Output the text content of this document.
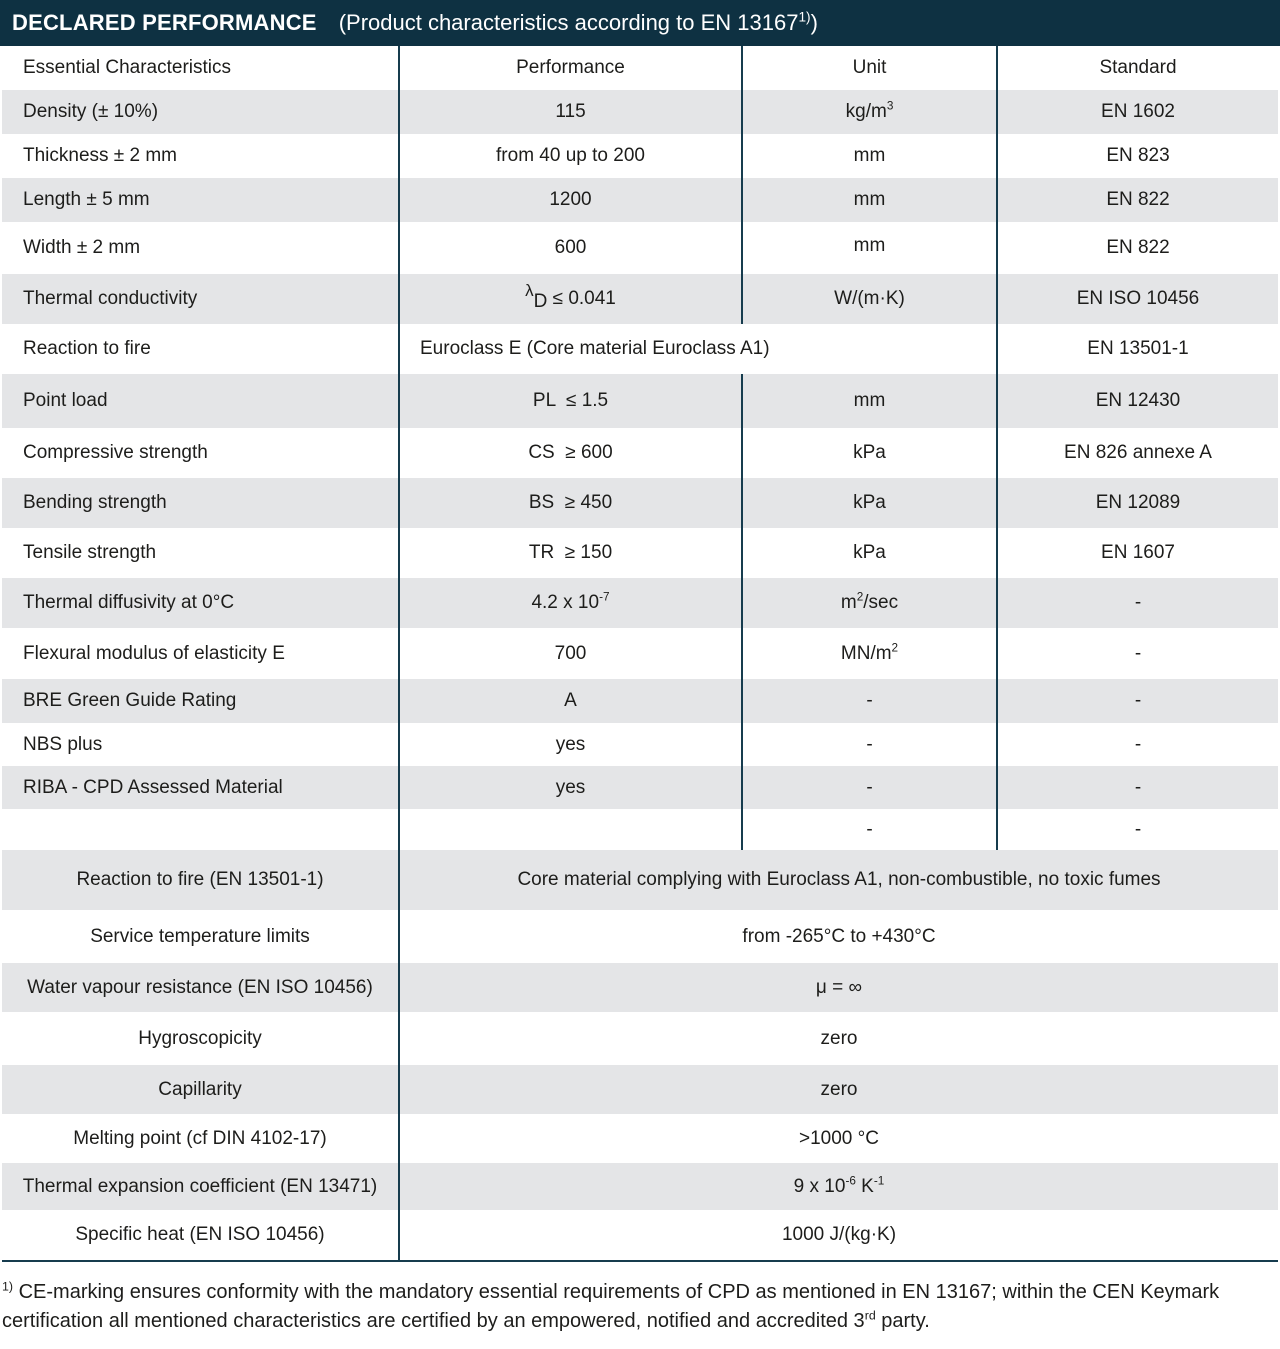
DECLARED PERFORMANCE (Product characteristics according to EN 13167$^{1)}$)
Essential Characteristics	Performance	Unit	Standard
Density (± 10%)	115	$kg/m^3$	EN 1602
Thickness ± 2 mm	from 40 up to 200	mm	EN 823
Length ± 5 mm	1200	mm	EN 822
Width ± 2 mm	600	mm	EN 822
Thermal conductivity	λD ≤ 0.041	W/(m·K)	EN ISO 10456
Reaction to fire	Euroclass E (Core material Euroclass A1)		EN 13501-1
Point load	PL  ≤ 1.5	mm	EN 12430
Compressive strength	CS  ≥ 600	kPa	EN 826 annexe A
Bending strength	BS  ≥ 450	kPa	EN 12089
Tensile strength	TR  ≥ 150	kPa	EN 1607
Thermal diffusivity at 0°C	4.2 x $10^{-7}$	$m^2/\sec$	-
Flexural modulus of elasticity E	700	$MN/m^2$	-
BRE Green Guide Rating	A	-	-
NBS plus	yes	-	-
RIBA - CPD Assessed Material	yes	-	-
		-	-
Reaction to fire (EN 13501-1)	Core material complying with Euroclass A1, non-combustible, no toxic fumes		
Service temperature limits	from -265°C to +430°C		
Water vapour resistance (EN ISO 10456)	μ = ∞		
Hygroscopicity	zero		
Capillarity	zero		
Melting point (cf DIN 4102-17)	>1000 °C		
Thermal expansion coefficient (EN 13471)	9 x $10^{-6}$ $K^{-1}$
Specific heat (EN ISO 10456)	1000 J/(kg·K)		
$^{1)}$ CE-marking ensures conformity with the mandatory essential requirements of CPD as mentioned in EN 13167; within the CEN Keymark certification all mentioned characteristics are certified by an empowered, notified and accredited 3rd party.
